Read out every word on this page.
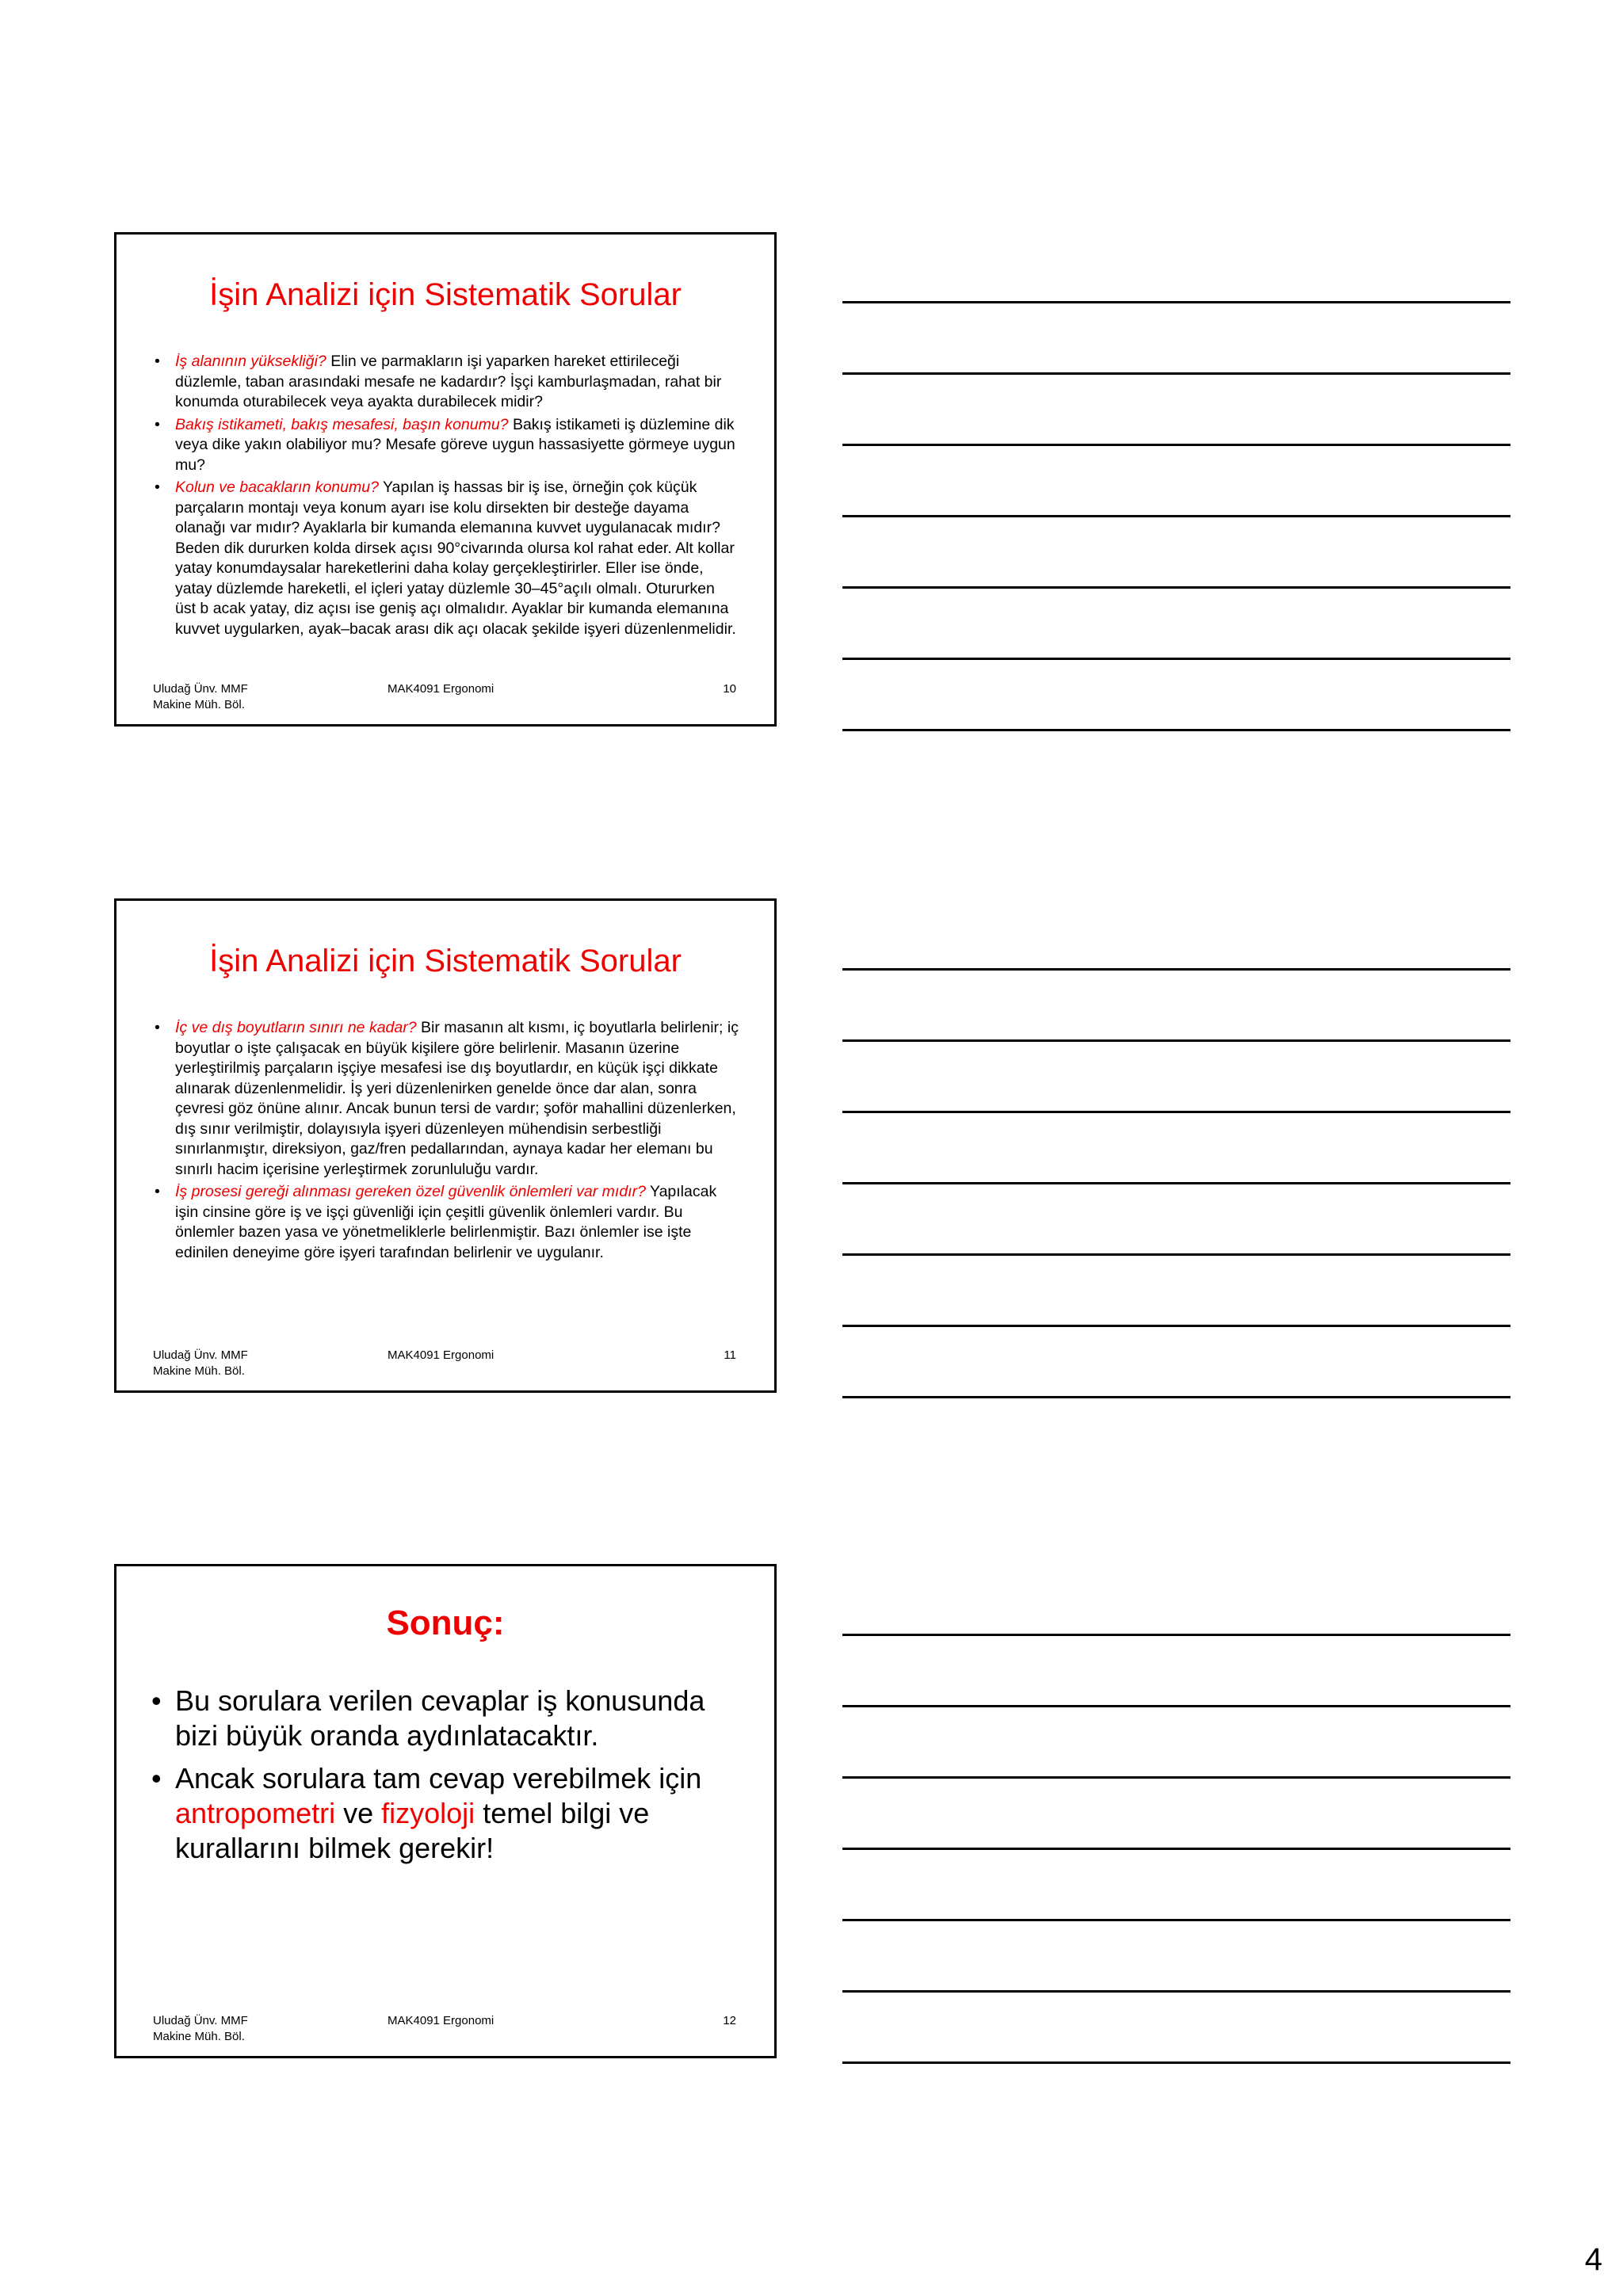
İşin Analizi için Sistematik Sorular
• İş alanının yüksekliği? Elin ve parmakların işi yaparken hareket ettirileceği düzlemle, taban arasındaki mesafe ne kadardır? İşçi kamburlaşmadan, rahat bir konumda oturabilecek veya ayakta durabilecek midir?
• Bakış istikameti, bakış mesafesi, başın konumu? Bakış istikameti iş düzlemine dik veya dike yakın olabiliyor mu? Mesafe göreve uygun hassasiyette görmeye uygun mu?
• Kolun ve bacakların konumu? Yapılan iş hassas bir iş ise, örneğin çok küçük parçaların montajı veya konum ayarı ise kolu dirsekten bir desteğe dayama olanağı var mıdır? Ayaklarla bir kumanda elemanına kuvvet uygulanacak mıdır? Beden dik dururken kolda dirsek açısı 90°civarında olursa kol rahat eder. Alt kollar yatay konumdaysalar hareketlerini daha kolay gerçekleştirirler. Eller ise önde, yatay düzlemde hareketli, el içleri yatay düzlemle 30–45°açılı olmalı. Otururken üst b acak yatay, diz açısı ise geniş açı olmalıdır. Ayaklar bir kumanda elemanına kuvvet uygularken, ayak–bacak arası dik açı olacak şekilde işyeri düzenlenmelidir.
Uludağ Ünv. MMF
Makine Müh. Böl.
MAK4091 Ergonomi	10
İşin Analizi için Sistematik Sorular
• İç ve dış boyutların sınırı ne kadar? Bir masanın alt kısmı, iç boyutlarla belirlenir; iç boyutlar o işte çalışacak en büyük kişilere göre belirlenir. Masanın üzerine yerleştirilmiş parçaların işçiye mesafesi ise dış boyutlardır, en küçük işçi dikkate alınarak düzenlenmelidir. İş yeri düzenlenirken genelde önce dar alan, sonra çevresi göz önüne alınır. Ancak bunun tersi de vardır; şoför mahallini düzenlerken, dış sınır verilmiştir, dolayısıyla işyeri düzenleyen mühendisin serbestliği sınırlanmıştır, direksiyon, gaz/fren pedallarından, aynaya kadar her elemanı bu sınırlı hacim içerisine yerleştirmek zorunluluğu vardır.
• İş prosesi gereği alınması gereken özel güvenlik önlemleri var mıdır? Yapılacak işin cinsine göre iş ve işçi güvenliği için çeşitli güvenlik önlemleri vardır. Bu önlemler bazen yasa ve yönetmeliklerle belirlenmiştir. Bazı önlemler ise işte edinilen deneyime göre işyeri tarafından belirlenir ve uygulanır.
Uludağ Ünv. MMF
Makine Müh. Böl.
MAK4091 Ergonomi	11
Sonuç:
• Bu sorulara verilen cevaplar iş konusunda bizi büyük oranda aydınlatacaktır.
• Ancak sorulara tam cevap verebilmek için antropometri ve fizyoloji temel bilgi ve kurallarını bilmek gerekir!
Uludağ Ünv. MMF
Makine Müh. Böl.
MAK4091 Ergonomi	12
4
